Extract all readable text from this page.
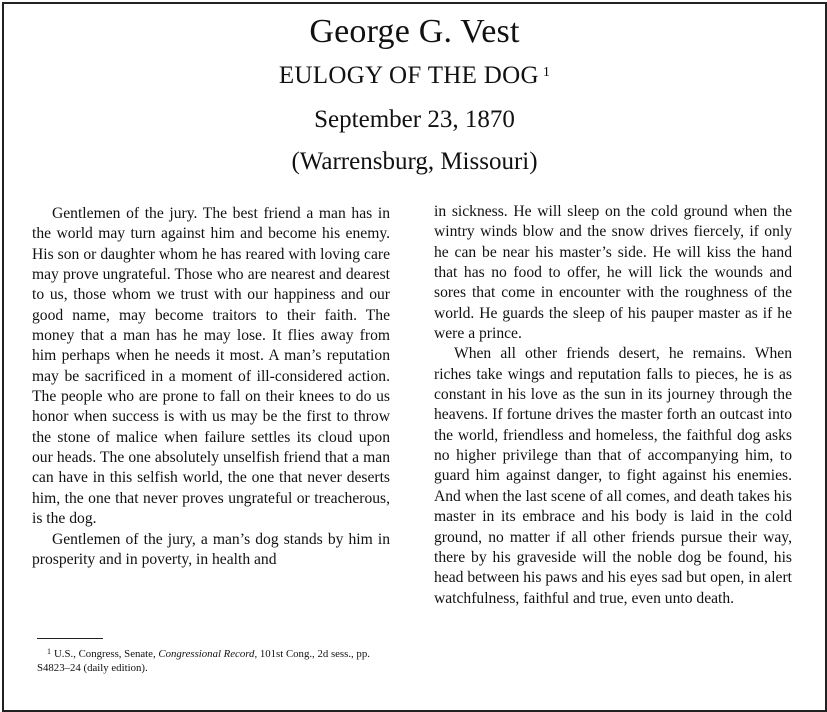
George G. Vest
EULOGY OF THE DOG $^1$
September 23, 1870
(Warrensburg, Missouri)

Gentlemen of the jury. The best friend a man has in the world may turn against him and become his enemy. His son or daughter whom he has reared with loving care may prove ungrateful. Those who are nearest and dearest to us, those whom we trust with our happiness and our good name, may become traitors to their faith. The money that a man has he may lose. It flies away from him perhaps when he needs it most. A man’s reputation may be sacrificed in a moment of ill-considered action. The people who are prone to fall on their knees to do us honor when success is with us may be the first to throw the stone of malice when failure settles its cloud upon our heads. The one absolutely unselfish friend that a man can have in this selfish world, the one that never deserts him, the one that never proves ungrateful or treacherous, is the dog.

Gentlemen of the jury, a man’s dog stands by him in prosperity and in poverty, in health and

in sickness. He will sleep on the cold ground when the wintry winds blow and the snow drives fiercely, if only he can be near his master’s side. He will kiss the hand that has no food to offer, he will lick the wounds and sores that come in encounter with the roughness of the world. He guards the sleep of his pauper master as if he were a prince.

When all other friends desert, he remains. When riches take wings and reputation falls to pieces, he is as constant in his love as the sun in its journey through the heavens. If fortune drives the master forth an outcast into the world, friendless and homeless, the faithful dog asks no higher privilege than that of accompanying him, to guard him against danger, to fight against his enemies. And when the last scene of all comes, and death takes his master in its embrace and his body is laid in the cold ground, no matter if all other friends pursue their way, there by his graveside will the noble dog be found, his head between his paws and his eyes sad but open, in alert watchfulness, faithful and true, even unto death.

$^1$ U.S., Congress, Senate, Congressional Record, 101st Cong., 2d sess., pp. S4823–24 (daily edition).
